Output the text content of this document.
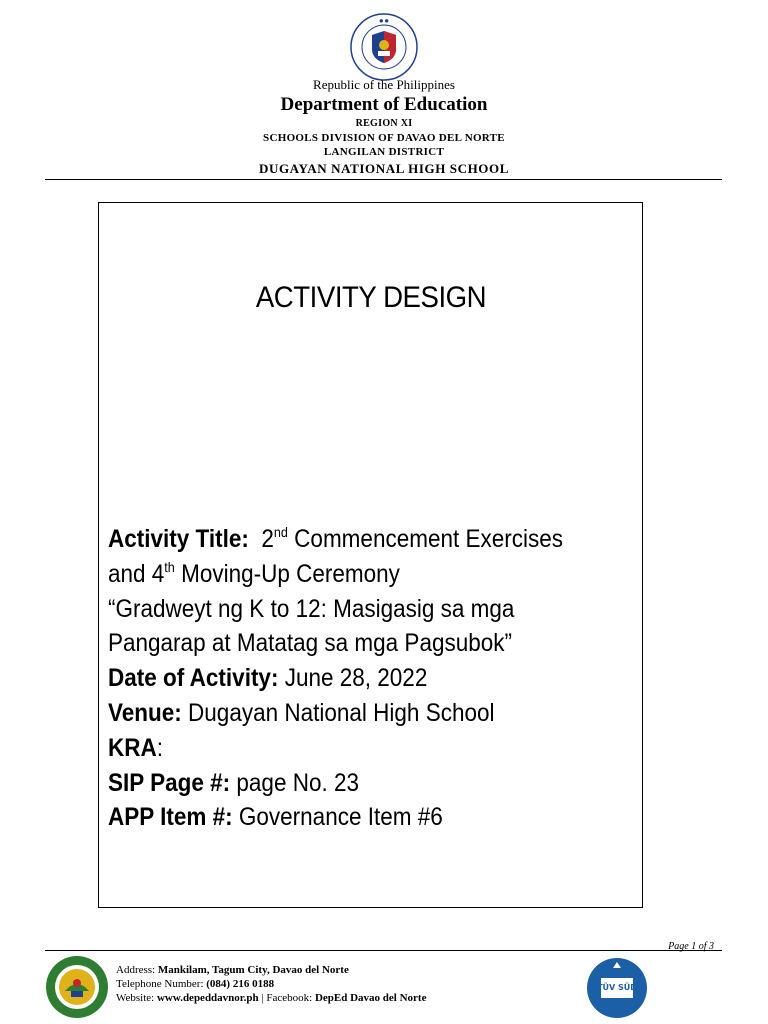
● ●
Republic of the Philippines
Department of Education
REGION XI
SCHOOLS DIVISION OF DAVAO DEL NORTE
LANGILAN DISTRICT
DUGAYAN NATIONAL HIGH SCHOOL
ACTIVITY DESIGN
Activity Title: 2nd Commencement Exercises
and 4th Moving-Up Ceremony
“Gradweyt ng K to 12: Masigasig sa mga
Pangarap at Matatag sa mga Pagsubok”
Date of Activity: June 28, 2022
Venue: Dugayan National High School
KRA:
SIP Page #: page No. 23
APP Item #: Governance Item #6
Page 1 of 3
Address: Mankilam, Tagum City, Davao del Norte
Telephone Number: (084) 216 0188
Website: www.depeddavnor.ph | Facebook: DepEd Davao del Norte
TÜV SÜD
